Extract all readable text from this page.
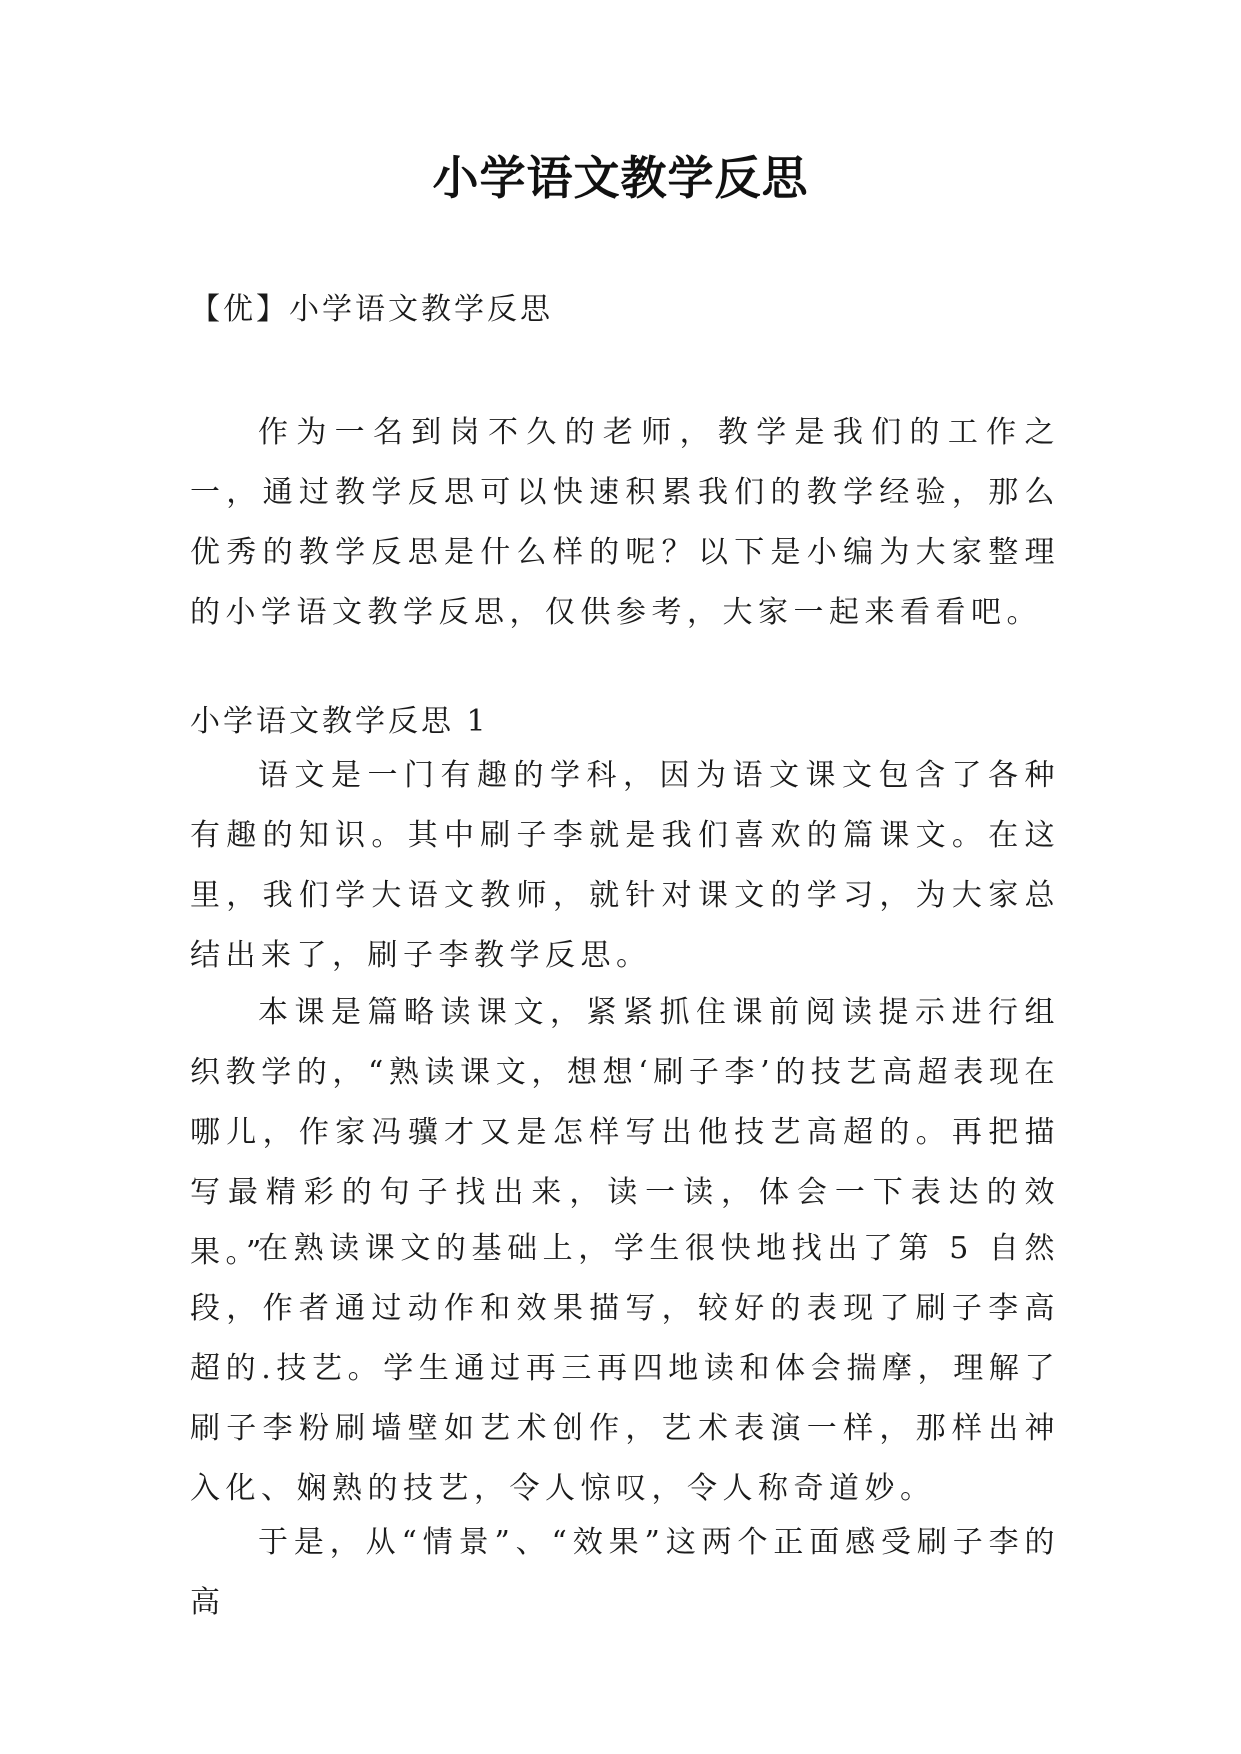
小学语文教学反思
【优】小学语文教学反思

作为一名到岗不久的老师，教学是我们的工作之一，通过教学反思可以快速积累我们的教学经验，那么优秀的教学反思是什么样的呢？以下是小编为大家整理的小学语文教学反思，仅供参考，大家一起来看看吧。

小学语文教学反思 1

语文是一门有趣的学科，因为语文课文包含了各种有趣的知识。其中刷子李就是我们喜欢的篇课文。在这里，我们学大语文教师，就针对课文的学习，为大家总结出来了，刷子李教学反思。

本课是篇略读课文，紧紧抓住课前阅读提示进行组织教学的，“熟读课文，想想‘刷子李’的技艺高超表现在哪儿，作家冯骥才又是怎样写出他技艺高超的。再把描写最精彩的句子找出来，读一读，体会一下表达的效果。”

在熟读课文的基础上，学生很快地找出了第 5 自然段，作者通过动作和效果描写，较好的表现了刷子李高超的.技艺。学生通过再三再四地读和体会揣摩，理解了刷子李粉刷墙壁如艺术创作，艺术表演一样，那样出神入化、娴熟的技艺，令人惊叹，令人称奇道妙。

于是，从“情景”、“效果”这两个正面感受刷子李的高
